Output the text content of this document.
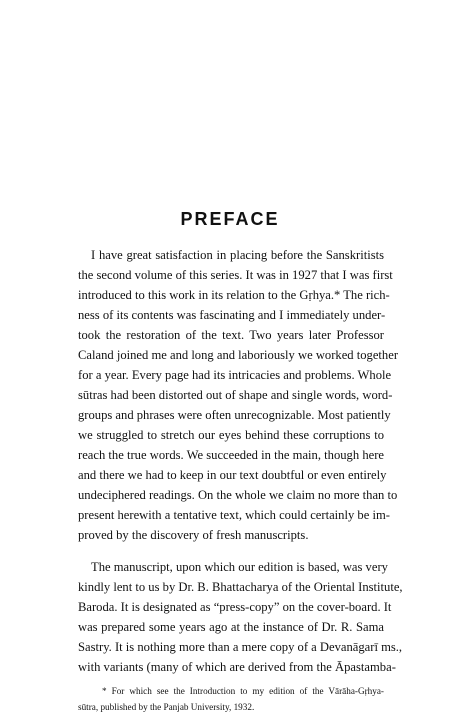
PREFACE
I have great satisfaction in placing before the Sanskritists
the second volume of this series. It was in 1927 that I was first
introduced to this work in its relation to the Gṛhya.* The rich-
ness of its contents was fascinating and I immediately under-
took the restoration of the text. Two years later Professor
Caland joined me and long and laboriously we worked together
for a year. Every page had its intricacies and problems. Whole
sūtras had been distorted out of shape and single words, word-
groups and phrases were often unrecognizable. Most patiently
we struggled to stretch our eyes behind these corruptions to
reach the true words. We succeeded in the main, though here
and there we had to keep in our text doubtful or even entirely
undeciphered readings. On the whole we claim no more than to
present herewith a tentative text, which could certainly be im-
proved by the discovery of fresh manuscripts.
The manuscript, upon which our edition is based, was very
kindly lent to us by Dr. B. Bhattacharya of the Oriental Institute,
Baroda. It is designated as “press-copy” on the cover-board. It
was prepared some years ago at the instance of Dr. R. Sama
Sastry. It is nothing more than a mere copy of a Devanāgarī ms.,
with variants (many of which are derived from the Āpastamba-
* For which see the Introduction to my edition of the Vārāha-Gṛhya-
sūtra, published by the Panjab University, 1932.
